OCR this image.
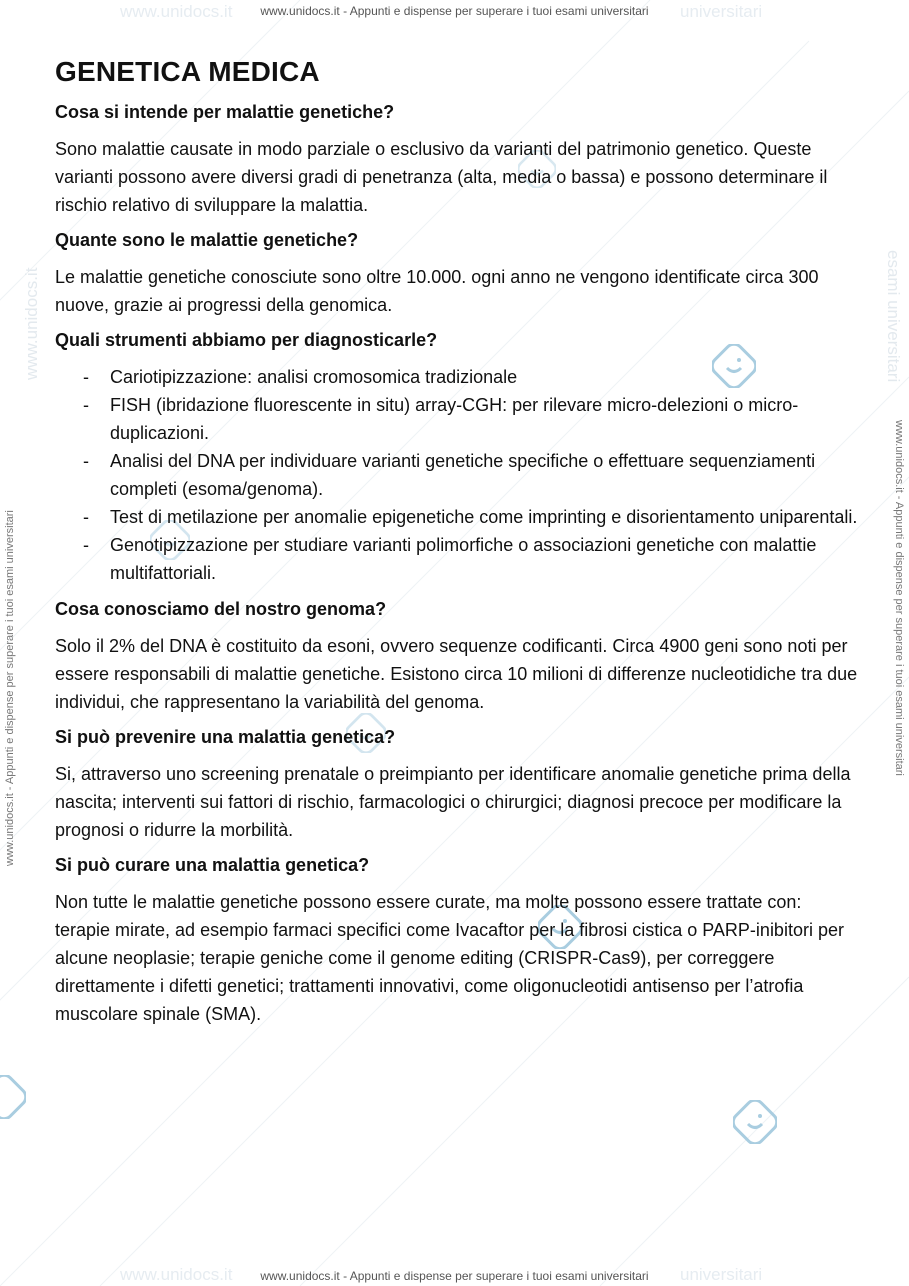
www.unidocs.it	universitari
www.unidocs.it	universitari
www.unidocs.it	esami universitari
www.unidocs.it - Appunti e dispense per superare i tuoi esami universitari
www.unidocs.it - Appunti e dispense per superare i tuoi esami universitari
www.unidocs.it - Appunti e dispense per superare i tuoi esami universitari	www.unidocs.it - Appunti e dispense per superare i tuoi esami universitari
GENETICA MEDICA
Cosa si intende per malattie genetiche?
Sono malattie causate in modo parziale o esclusivo da varianti del patrimonio genetico. Queste varianti possono avere diversi gradi di penetranza (alta, media o bassa) e possono determinare il rischio relativo di sviluppare la malattia.
Quante sono le malattie genetiche?
Le malattie genetiche conosciute sono oltre 10.000. ogni anno ne vengono identificate circa 300 nuove, grazie ai progressi della genomica.
Quali strumenti abbiamo per diagnosticarle?
- Cariotipizzazione: analisi cromosomica tradizionale
- FISH (ibridazione fluorescente in situ) array-CGH: per rilevare micro-delezioni o micro-duplicazioni.
- Analisi del DNA per individuare varianti genetiche specifiche o effettuare sequenziamenti completi (esoma/genoma).
- Test di metilazione per anomalie epigenetiche come imprinting e disorientamento uniparentali.
- Genotipizzazione per studiare varianti polimorfiche o associazioni genetiche con malattie multifattoriali.
Cosa conosciamo del nostro genoma?
Solo il 2% del DNA è costituito da esoni, ovvero sequenze codificanti. Circa 4900 geni sono noti per essere responsabili di malattie genetiche. Esistono circa 10 milioni di differenze nucleotidiche tra due individui, che rappresentano la variabilità del genoma.
Si può prevenire una malattia genetica?
Si, attraverso uno screening prenatale o preimpianto per identificare anomalie genetiche prima della nascita; interventi sui fattori di rischio, farmacologici o chirurgici; diagnosi precoce per modificare la prognosi o ridurre la morbilità.
Si può curare una malattia genetica?
Non tutte le malattie genetiche possono essere curate, ma molte possono essere trattate con: terapie mirate, ad esempio farmaci specifici come Ivacaftor per la fibrosi cistica o PARP-inibitori per alcune neoplasie; terapie geniche come il genome editing (CRISPR-Cas9), per correggere direttamente i difetti genetici; trattamenti innovativi, come oligonucleotidi antisenso per l’atrofia muscolare spinale (SMA).
